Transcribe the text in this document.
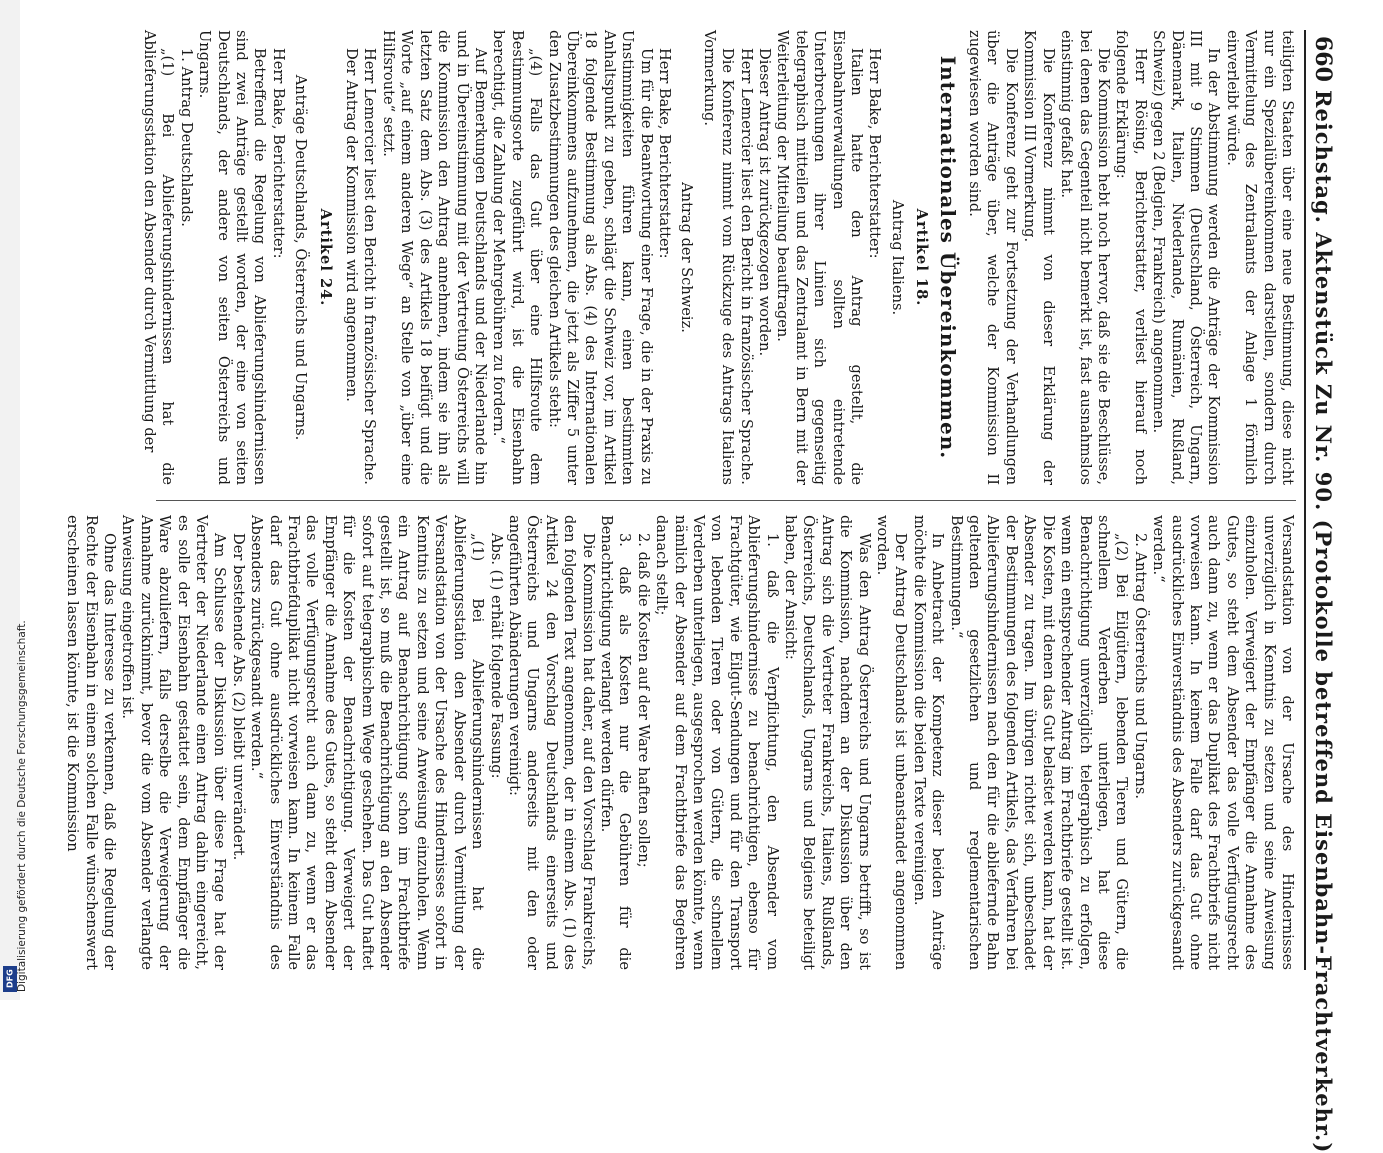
DFG Digitalisierung gefördert durch die Deutsche Forschungsgemeinschaft.
660
Reichstag. Aktenstück Zu Nr. 90. (Protokolle betreffend Eisenbahn-Frachtverkehr.)
teiligten Staaten über eine neue Bestimmung, diese nicht nur ein Spezialübereinkommen darstellen, sondern durch Vermittelung des Zentralamts der Anlage 1 förmlich einverleibt würde.
In der Abstimmung werden die Anträge der Kommission III mit 9 Stimmen (Deutschland, Österreich, Ungarn, Dänemark, Italien, Niederlande, Rumänien, Rußland, Schweiz) gegen 2 (Belgien, Frankreich) angenommen.
Herr Rösing, Berichterstatter, verliest hierauf noch folgende Erklärung:
Die Kommission hebt noch hervor, daß sie die Beschlüsse, bei denen das Gegenteil nicht bemerkt ist, fast ausnahmslos einstimmig gefaßt hat.
Die Konferenz nimmt von dieser Erklärung der Kommission III Vormerkung.
Die Konferenz geht zur Fortsetzung der Verhandlungen über die Anträge über, welche der Kommission II zugewiesen worden sind.
Internationales Übereinkommen.
Artikel 18.
Antrag Italiens.
Herr Bake, Berichterstatter:
Italien hatte den Antrag gestellt, die Eisenbahnverwaltungen sollten eintretende Unterbrechungen ihrer Linien sich gegenseitig telegraphisch mitteilen und das Zentralamt in Bern mit der Weiterleitung der Mitteilung beauftragen.
Dieser Antrag ist zurückgezogen worden.
Herr Lemercier liest den Bericht in französischer Sprache.
Die Konferenz nimmt vom Rückzuge des Antrags Italiens Vormerkung.
Antrag der Schweiz.
Herr Bake, Berichterstatter:
Um für die Beantwortung einer Frage, die in der Praxis zu Unstimmigkeiten führen kann, einen bestimmten Anhaltspunkt zu geben, schlägt die Schweiz vor, im Artikel 18 folgende Bestimmung als Abs. (4) des Internationalen Übereinkommens aufzunehmen, die jetzt als Ziffer 5 unter den Zusatzbestimmungen des gleichen Artikels steht:
„(4) Falls das Gut über eine Hilfsroute dem Bestimmungsorte zugeführt wird, ist die Eisenbahn berechtigt, die Zahlung der Mehrgebühren zu fordern.“
Auf Bemerkungen Deutschlands und der Niederlande hin und in Übereinstimmung mit der Vertretung Österreichs will die Kommission den Antrag annehmen, indem sie ihn als letzten Satz dem Abs. (3) des Artikels 18 beifügt und die Worte „auf einem anderen Wege“ an Stelle von „über eine Hilfsroute“ setzt.
Herr Lemercier liest den Bericht in französischer Sprache.
Der Antrag der Kommission wird angenommen.
Artikel 24.
Anträge Deutschlands, Österreichs und Ungarns.
Herr Bake, Berichterstatter:
Betreffend die Regelung von Ablieferungshindernissen sind zwei Anträge gestellt worden, der eine von seiten Deutschlands, der andere von seiten Österreichs und Ungarns.
1. Antrag Deutschlands.
„(1) Bei Ablieferungshindernissen hat die Ablieferungsstation den Absender durch Vermittlung der
Versandstation von der Ursache des Hindernisses unverzüglich in Kenntnis zu setzen und seine Anweisung einzuholen. Verweigert der Empfänger die Annahme des Gutes, so steht dem Absender das volle Verfügungsrecht auch dann zu, wenn er das Duplikat des Frachtbriefs nicht vorweisen kann. In keinem Falle darf das Gut ohne ausdrückliches Einverständnis des Absenders zurückgesandt werden.“
2. Antrag Österreichs und Ungarns.
„(2) Bei Eilgütern, lebenden Tieren und Gütern, die schnellem Verderben unterliegen, hat diese Benachrichtigung unverzüglich telegraphisch zu erfolgen, wenn ein entsprechender Antrag im Frachtbriefe gestellt ist. Die Kosten, mit denen das Gut belastet werden kann, hat der Absender zu tragen. Im übrigen richtet sich, unbeschadet der Bestimmungen des folgenden Artikels, das Verfahren bei Ablieferungshindernissen nach den für die abliefernde Bahn geltenden gesetzlichen und reglementarischen Bestimmungen.“
In Anbetracht der Kompetenz dieser beiden Anträge möchte die Kommission die beiden Texte vereinigen.
Der Antrag Deutschlands ist unbeanstandet angenommen worden.
Was den Antrag Österreichs und Ungarns betrifft, so ist die Kommission, nachdem an der Diskussion über den Antrag sich die Vertreter Frankreichs, Italiens, Rußlands, Österreichs, Deutschlands, Ungarns und Belgiens beteiligt haben, der Ansicht:
1. daß die Verpflichtung, den Absender vom Ablieferungshindernisse zu benachrichtigen, ebenso für Frachtgüter, wie Eilgut-Sendungen und für den Transport von lebenden Tieren oder von Gütern, die schnellem Verderben unterliegen, ausgesprochen werden könnte, wenn nämlich der Absender auf dem Frachtbriefe das Begehren danach stellt;
2. daß die Kosten auf der Ware haften sollen;
3. daß als Kosten nur die Gebühren für die Benachrichtigung verlangt werden dürfen.
Die Kommission hat daher, auf den Vorschlag Frankreichs, den folgenden Text angenommen, der in einem Abs. (1) des Artikel 24 den Vorschlag Deutschlands einerseits und Österreichs und Ungarns anderseits mit den oder angeführten Abänderungen vereinigt:
Abs. (1) erhält folgende Fassung:
„(1) Bei Ablieferungshindernissen hat die Ablieferungsstation den Absender durch Vermittlung der Versandstation von der Ursache des Hindernisses sofort in Kenntnis zu setzen und seine Anweisung einzuholen. Wenn ein Antrag auf Benachrichtigung schon im Frachtbriefe gestellt ist, so muß die Benachrichtigung an den Absender sofort auf telegraphischem Wege geschehen. Das Gut haftet für die Kosten der Benachrichtigung. Verweigert der Empfänger die Annahme des Gutes, so steht dem Absender das volle Verfügungsrecht auch dann zu, wenn er das Frachtbriefduplikat nicht vorweisen kann. In keinem Falle darf das Gut ohne ausdrückliches Einverständnis des Absenders zurückgesandt werden.“
Der bestehende Abs. (2) bleibt unverändert.
Am Schlusse der Diskussion über diese Frage hat der Vertreter der Niederlande einen Antrag dahin eingereicht, es solle der Eisenbahn gestattet sein, dem Empfänger die Ware abzuliefern, falls derselbe die Verweigerung der Annahme zurücknimmt, bevor die vom Absender verlangte Anweisung eingetroffen ist.
Ohne das Interesse zu verkennen, daß die Regelung der Rechte der Eisenbahn in einem solchen Falle wünschenswert erscheinen lassen könnte, ist die Kommission
